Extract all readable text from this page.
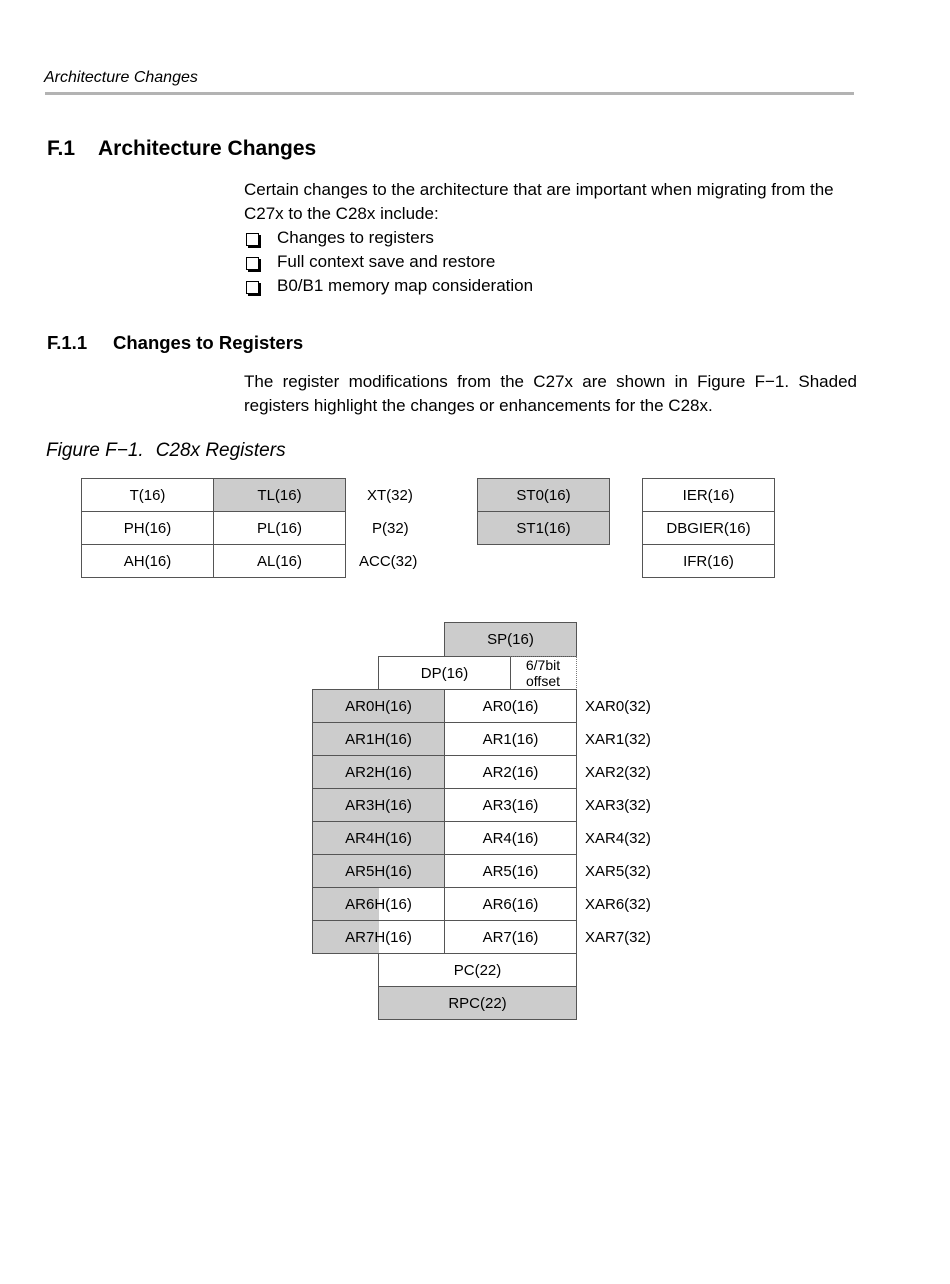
Architecture Changes
F.1 Architecture Changes
Certain changes to the architecture that are important when migrating from the C27x to the C28x include:
Changes to registers
Full context save and restore
B0/B1 memory map consideration
F.1.1 Changes to Registers
The register modifications from the C27x are shown in Figure F−1. Shaded registers highlight the changes or enhancements for the C28x.
Figure F−1. C28x Registers
T(16)	TL(16)	XT(32)
PH(16)	PL(16)	P(32)
AH(16)	AL(16)	ACC(32)
ST0(16)
ST1(16)
IER(16)
DBGIER(16)
IFR(16)
SP(16)
DP(16)	6/7bit offset
AR0H(16)	AR0(16)	XAR0(32)
AR1H(16)	AR1(16)	XAR1(32)
AR2H(16)	AR2(16)	XAR2(32)
AR3H(16)	AR3(16)	XAR3(32)
AR4H(16)	AR4(16)	XAR4(32)
AR5H(16)	AR5(16)	XAR5(32)
AR6H(16)	AR6(16)	XAR6(32)
AR7H(16)	AR7(16)	XAR7(32)
PC(22)
RPC(22)
